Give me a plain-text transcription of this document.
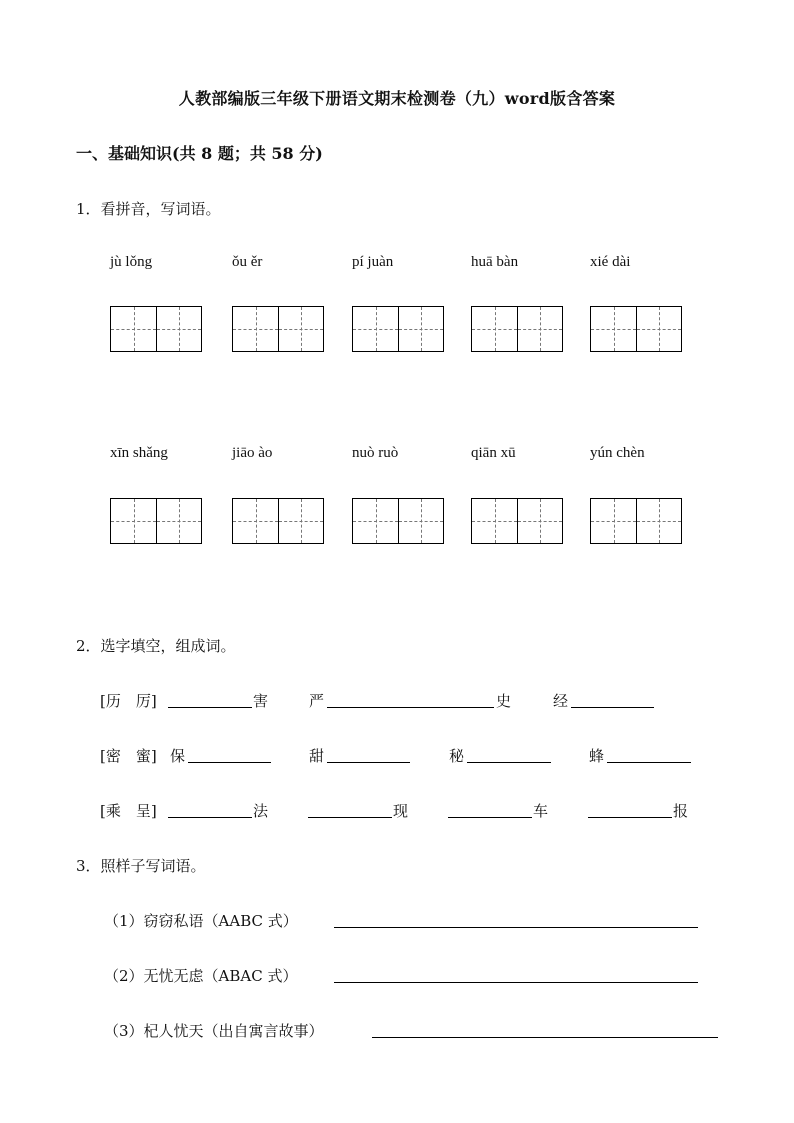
人教部编版三年级下册语文期末检测卷（九）word版含答案
一、基础知识(共 8 题；共 58 分)
1．看拼音，写词语。
jù lǒng	ǒu ěr	pí juàn	huā bàn	xié dài
xīn shǎng	jiāo ào	nuò ruò	qiān xū	yún chèn
2．选字填空，组成词。
[历　厉]	害	严	史	经
[密　蜜] 保	甜	秘	蜂
[乘　呈]	法	现	车	报
3．照样子写词语。
（1）窃窃私语（AABC 式）
（2）无忧无虑（ABAC 式）
（3）杞人忧天（出自寓言故事）
